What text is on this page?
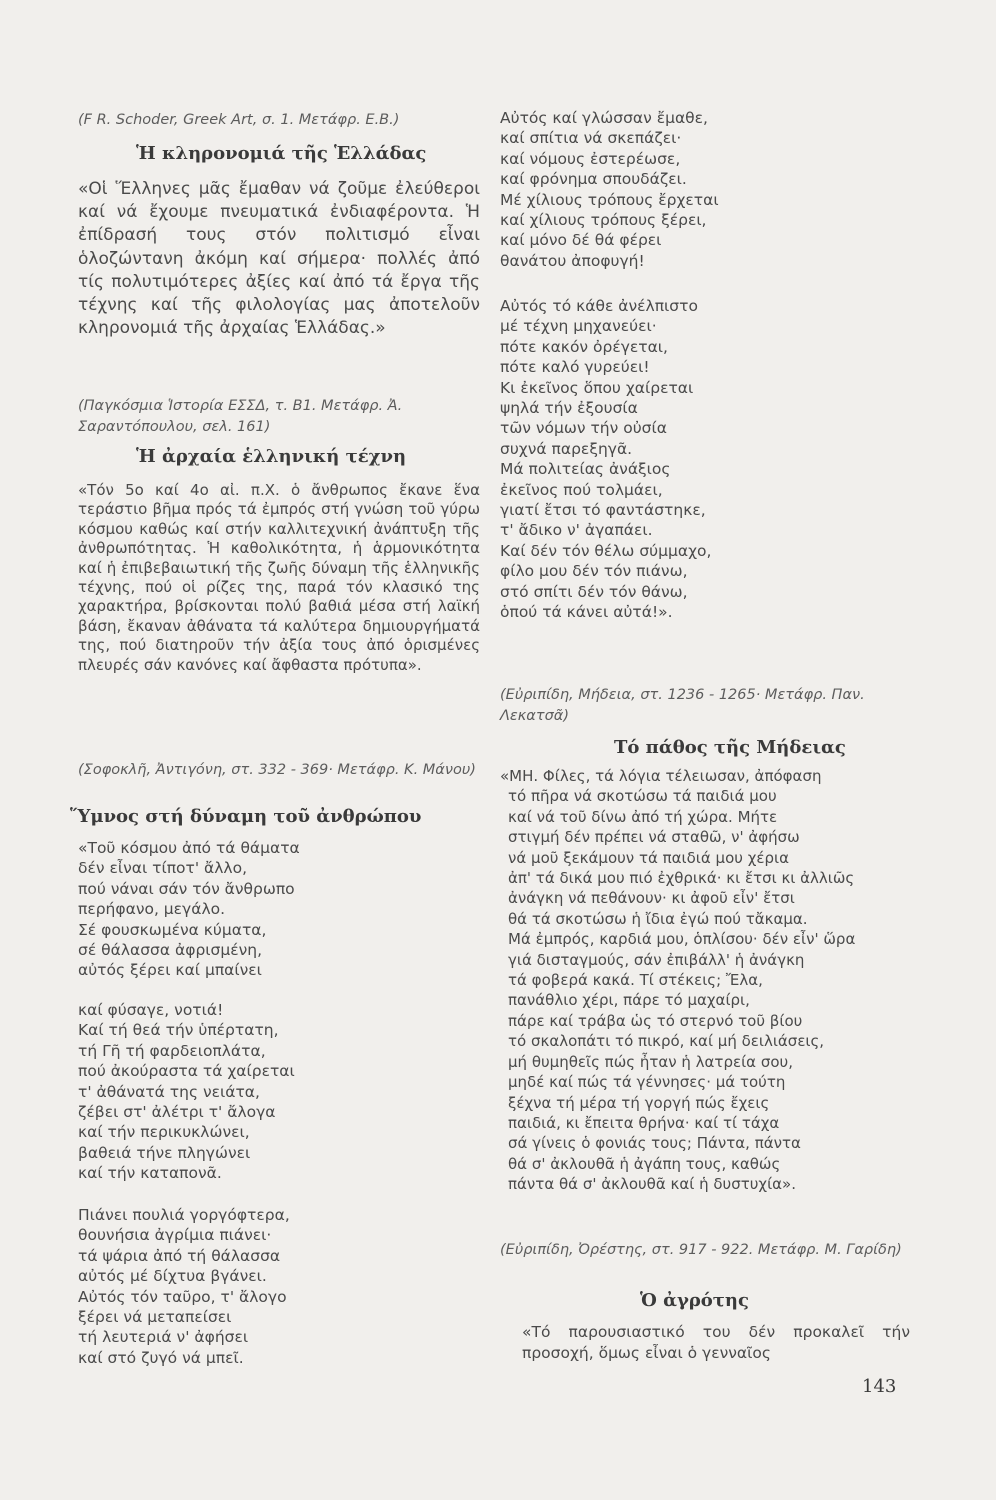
(F R. Schoder, Greek Art, σ. 1. Μετάφρ. Ε.Β.)
Ἡ κληρονομιά τῆς Ἑλλάδας
«Οἱ Ἕλληνες μᾶς ἔμαθαν νά ζοῦμε ἐλεύθεροι καί νά ἔχουμε πνευματικά ἐνδιαφέροντα. Ἡ ἐπίδρασή τους στόν πολιτισμό εἶναι ὁλοζώντανη ἀκόμη καί σήμερα· πολλές ἀπό τίς πολυτιμότερες ἀξίες καί ἀπό τά ἔργα τῆς τέχνης καί τῆς φιλολογίας μας ἀποτελοῦν κληρονομιά τῆς ἀρχαίας Ἑλλάδας.»
(Παγκόσμια Ἱστορία ΕΣΣΔ, τ. Β1. Μετάφρ. Ἀ. Σαραντόπουλου, σελ. 161)
Ἡ ἀρχαία ἑλληνική τέχνη
«Τόν 5ο καί 4ο αἰ. π.Χ. ὁ ἄνθρωπος ἔκανε ἕνα τεράστιο βῆμα πρός τά ἐμπρός στή γνώση τοῦ γύρω κόσμου καθώς καί στήν καλλιτεχνική ἀνάπτυξη τῆς ἀνθρωπότητας. Ἡ καθολικότητα, ἡ ἁρμονικότητα καί ἡ ἐπιβεβαιωτική τῆς ζωῆς δύναμη τῆς ἑλληνικῆς τέχνης, πού οἱ ρίζες της, παρά τόν κλασικό της χαρακτήρα, βρίσκονται πολύ βαθιά μέσα στή λαϊκή βάση, ἔκαναν ἀθάνατα τά καλύτερα δημιουργήματά της, πού διατηροῦν τήν ἀξία τους ἀπό ὁρισμένες πλευρές σάν κανόνες καί ἄφθαστα πρότυπα».
(Σοφοκλῆ, Ἀντιγόνη, στ. 332 - 369· Μετάφρ. Κ. Μάνου)
Ὕμνος στή δύναμη τοῦ ἀνθρώπου
«Τοῦ κόσμου ἀπό τά θάματα
δέν εἶναι τίποτ' ἄλλο,
πού νάναι σάν τόν ἄνθρωπο
περήφανο, μεγάλο.
Σέ φουσκωμένα κύματα,
σέ θάλασσα ἀφρισμένη,
αὐτός ξέρει καί μπαίνει
καί φύσαγε, νοτιά!
Καί τή θεά τήν ὑπέρτατη,
τή Γῆ τή φαρδειοπλάτα,
πού ἀκούραστα τά χαίρεται
τ' ἀθάνατά της νειάτα,
ζέβει στ' ἀλέτρι τ' ἄλογα
καί τήν περικυκλώνει,
βαθειά τήνε πληγώνει
καί τήν καταπονᾶ.
Πιάνει πουλιά γοργόφτερα,
θουνήσια ἀγρίμια πιάνει·
τά ψάρια ἀπό τή θάλασσα
αὐτός μέ δίχτυα βγάνει.
Αὐτός τόν ταῦρο, τ' ἄλογο
ξέρει νά μεταπείσει
τή λευτεριά ν' ἀφήσει
καί στό ζυγό νά μπεῖ.
Αὐτός καί γλώσσαν ἔμαθε,
καί σπίτια νά σκεπάζει·
καί νόμους ἐστερέωσε,
καί φρόνημα σπουδάζει.
Μέ χίλιους τρόπους ἔρχεται
καί χίλιους τρόπους ξέρει,
καί μόνο δέ θά φέρει
θανάτου ἀποφυγή!
Αὐτός τό κάθε ἀνέλπιστο
μέ τέχνη μηχανεύει·
πότε κακόν ὀρέγεται,
πότε καλό γυρεύει!
Κι ἐκεῖνος ὅπου χαίρεται
ψηλά τήν ἐξουσία
τῶν νόμων τήν οὐσία
συχνά παρεξηγᾶ.
Μά πολιτείας ἀνάξιος
ἐκεῖνος πού τολμάει,
γιατί ἔτσι τό φαντάστηκε,
τ' ἄδικο ν' ἀγαπάει.
Καί δέν τόν θέλω σύμμαχο,
φίλο μου δέν τόν πιάνω,
στό σπίτι δέν τόν θάνω,
ὁπού τά κάνει αὐτά!».
(Εὐριπίδη, Μήδεια, στ. 1236 - 1265· Μετάφρ. Παν. Λεκατσᾶ)
Τό πάθος τῆς Μήδειας
«ΜΗ. Φίλες, τά λόγια τέλειωσαν, ἀπόφαση
τό πῆρα νά σκοτώσω τά παιδιά μου
καί νά τοῦ δίνω ἀπό τή χώρα. Μήτε
στιγμή δέν πρέπει νά σταθῶ, ν' ἀφήσω
νά μοῦ ξεκάμουν τά παιδιά μου χέρια
ἀπ' τά δικά μου πιό ἐχθρικά· κι ἔτσι κι ἀλλιῶς
ἀνάγκη νά πεθάνουν· κι ἀφοῦ εἶν' ἔτσι
θά τά σκοτώσω ἡ ἴδια ἐγώ πού τἄκαμα.
Μά ἐμπρός, καρδιά μου, ὁπλίσου· δέν εἶν' ὥρα
γιά δισταγμούς, σάν ἐπιβάλλ' ἡ ἀνάγκη
τά φοβερά κακά. Τί στέκεις; Ἔλα,
πανάθλιο χέρι, πάρε τό μαχαίρι,
πάρε καί τράβα ὡς τό στερνό τοῦ βίου
τό σκαλοπάτι τό πικρό, καί μή δειλιάσεις,
μή θυμηθεῖς πώς ἦταν ἡ λατρεία σου,
μηδέ καί πώς τά γέννησες· μά τούτη
ξέχνα τή μέρα τή γοργή πώς ἔχεις
παιδιά, κι ἔπειτα θρήνα· καί τί τάχα
σά γίνεις ὁ φονιάς τους; Πάντα, πάντα
θά σ' ἀκλουθᾶ ἡ ἀγάπη τους, καθώς
πάντα θά σ' ἀκλουθᾶ καί ἡ δυστυχία».
(Εὐριπίδη, Ὀρέστης, στ. 917 - 922. Μετάφρ. Μ. Γαρίδη)
Ὁ ἀγρότης
«Τό παρουσιαστικό του δέν προκαλεῖ τήν προσοχή, ὅμως εἶναι ὁ γενναῖος
143
